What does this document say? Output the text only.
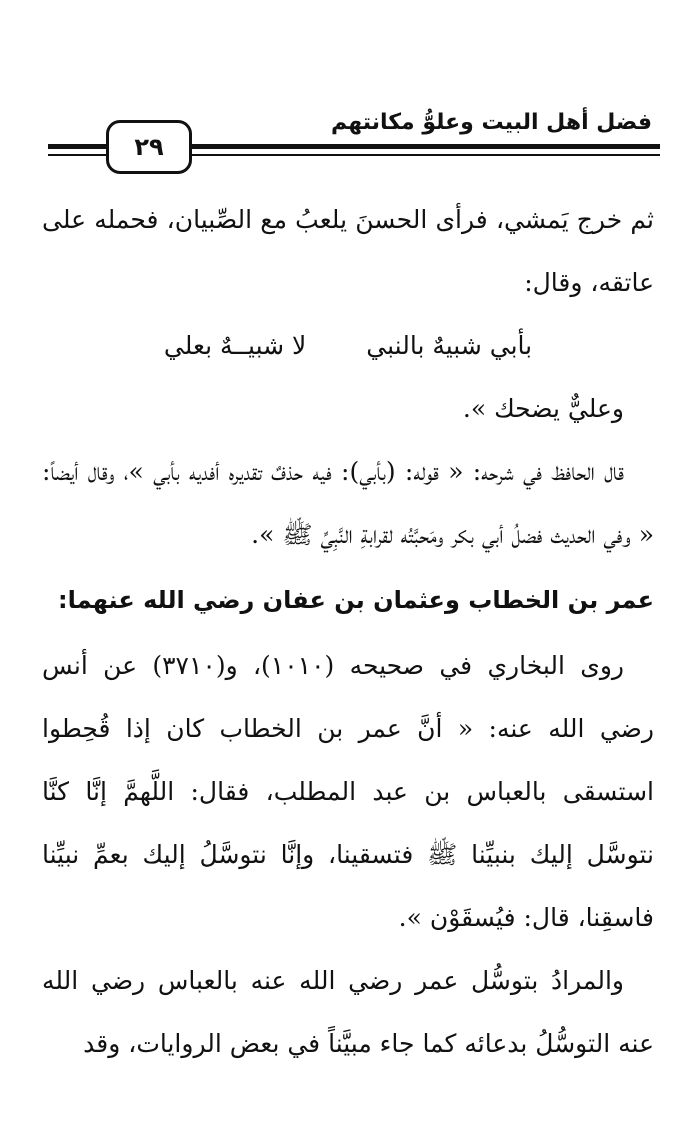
فضل أهل البيت وعلوُّ مكانتهم
٢٩

ثم خرج يَمشي، فرأى الحسنَ يلعبُ مع الصِّبيان، فحمله على عاتقه، وقال:

بأبي شبيهٌ بالنبي
لا شبيــهٌ بعلي

وعليٌّ يضحك ».

قال الحافظ في شرحه: « قوله: (بأبي): فيه حذفٌ تقديره أفديه بأبي »، وقال أيضاً: « وفي الحديث فضلُ أبي بكر ومَحبَّتُه لقرابةِ النَّبِيِّ ﷺ ».

عمر بن الخطاب وعثمان بن عفان رضي الله عنهما:

روى البخاري في صحيحه (١٠١٠)، و(٣٧١٠) عن أنس رضي الله عنه: « أنَّ عمر بن الخطاب كان إذا قُحِطوا استسقى بالعباس بن عبد المطلب، فقال: اللَّهمَّ إنَّا كنَّا نتوسَّل إليك بنبيِّنا ﷺ فتسقينا، وإنَّا نتوسَّلُ إليك بعمِّ نبيِّنا فاسقِنا، قال: فيُسقَوْن ».

والمرادُ بتوسُّل عمر رضي الله عنه بالعباس رضي الله عنه التوسُّلُ بدعائه كما جاء مبيَّناً في بعض الروايات، وقد
